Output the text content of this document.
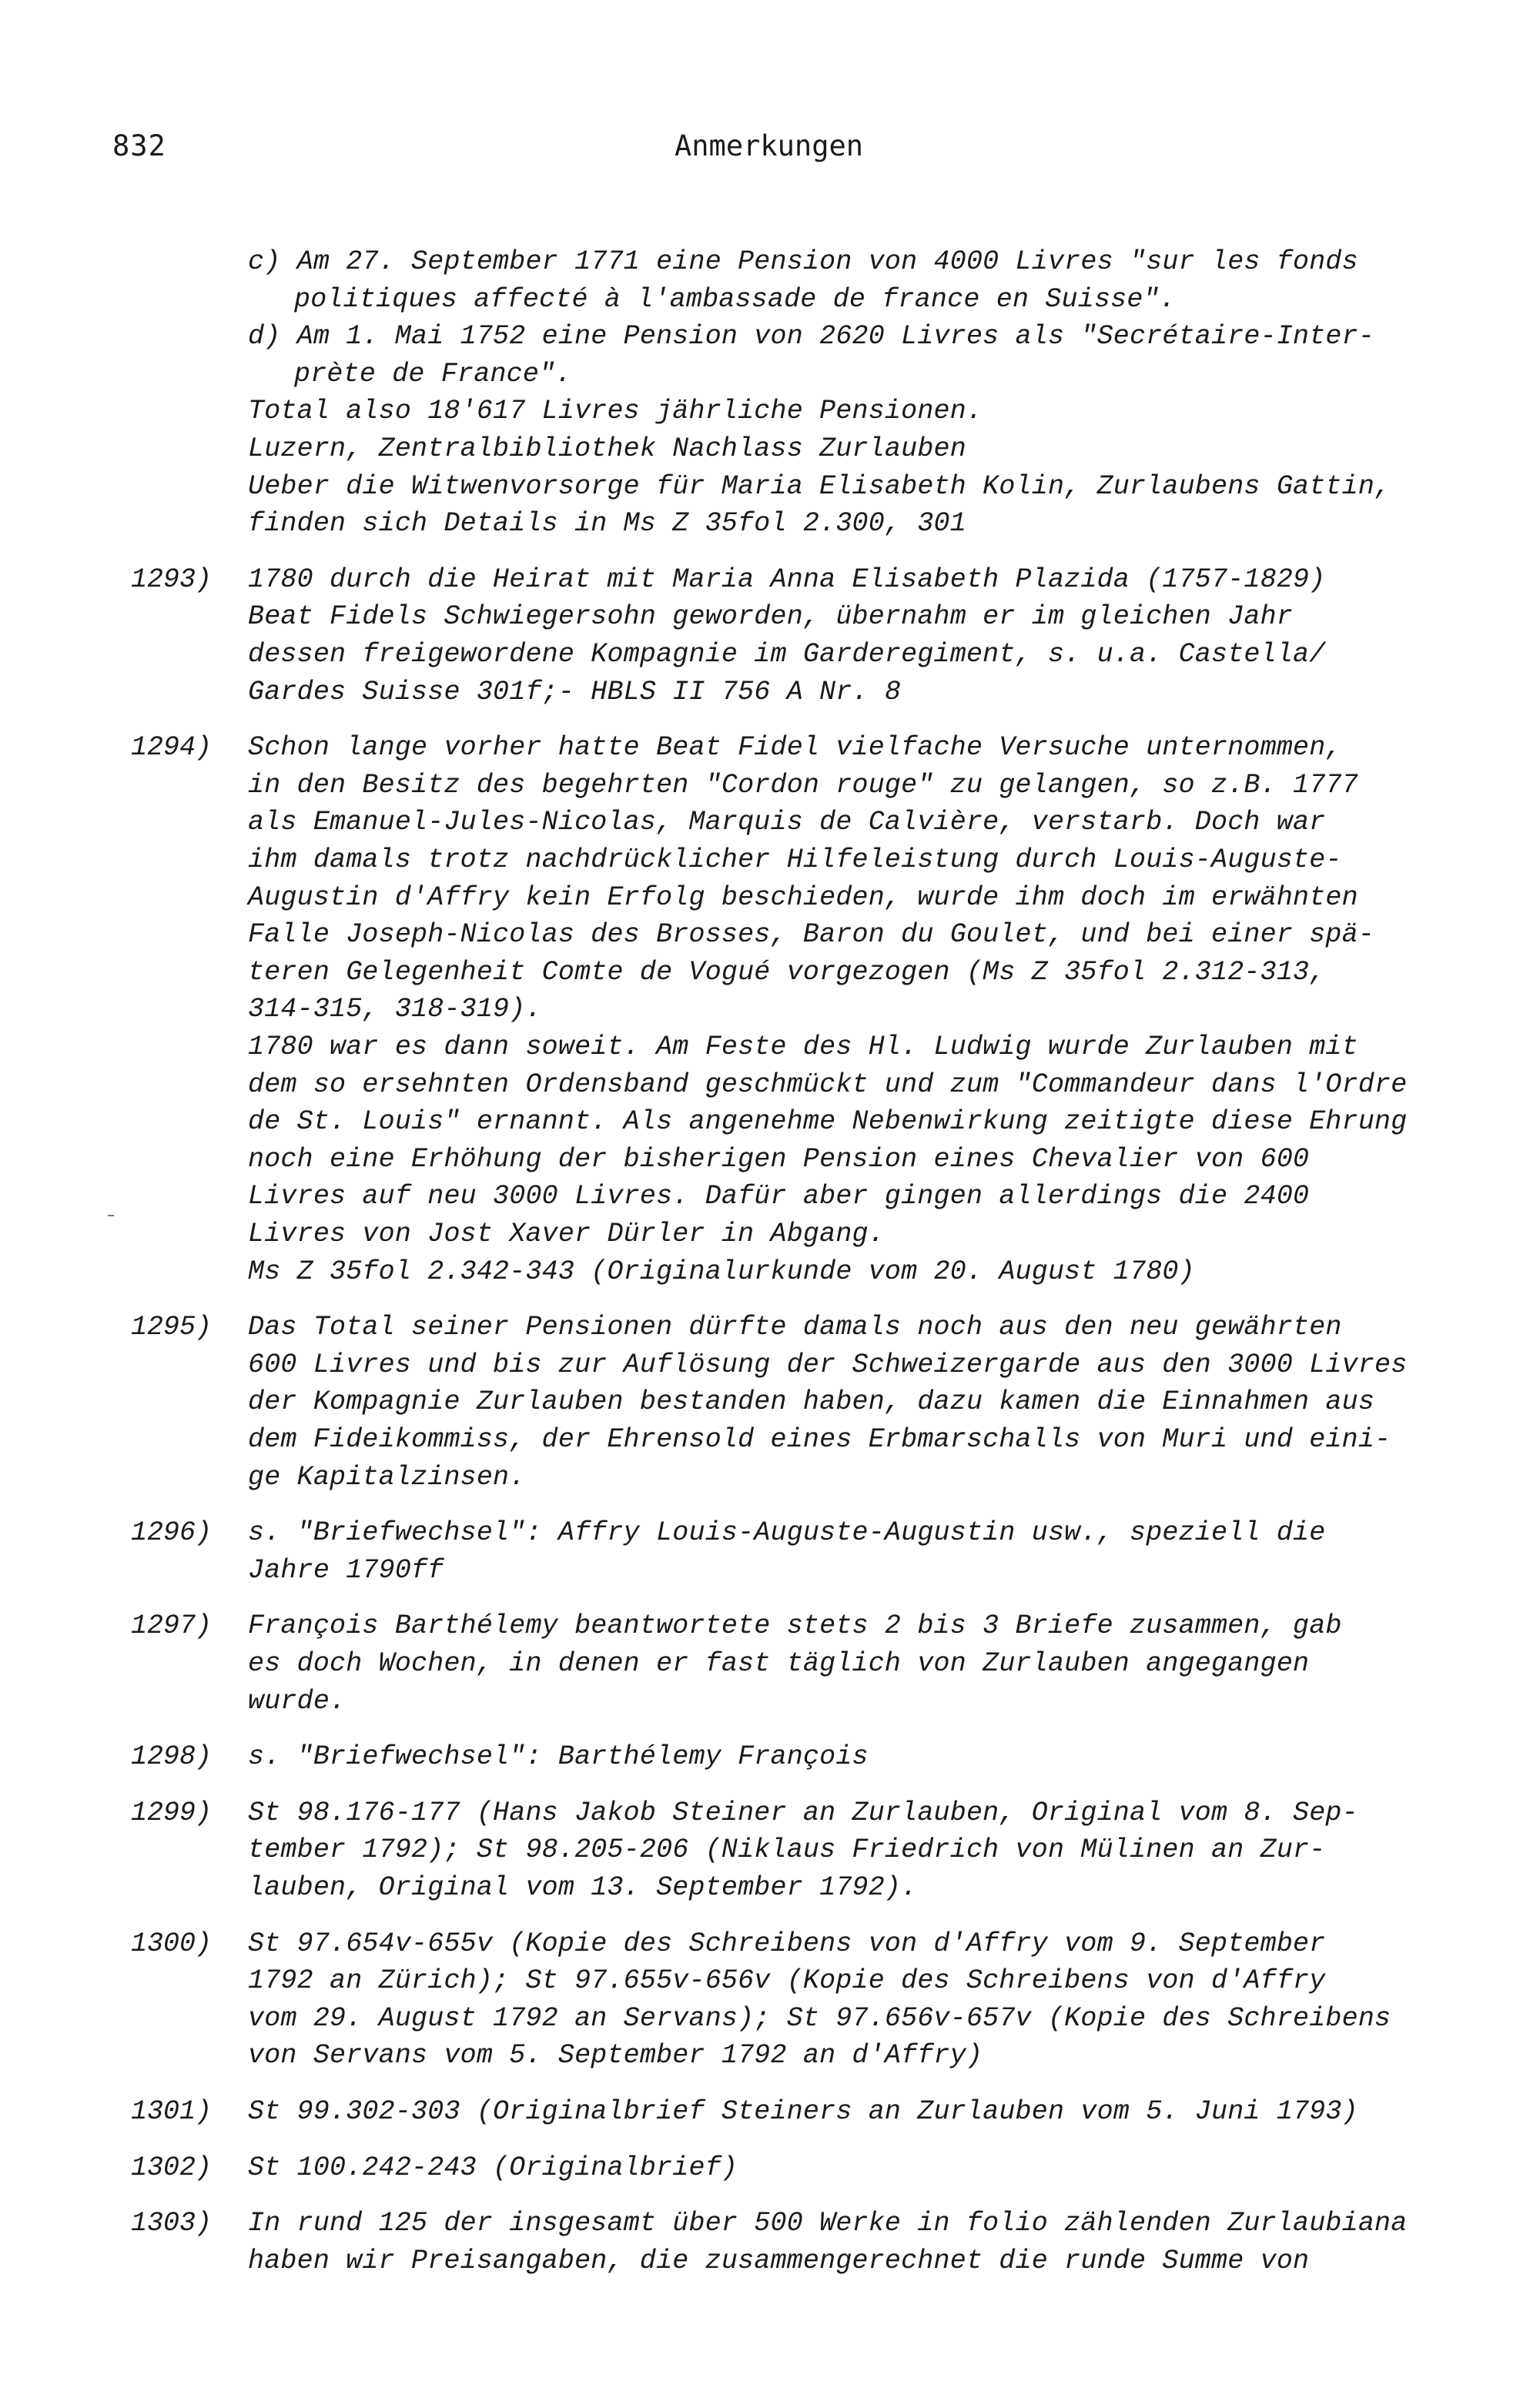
832	Anmerkungen
c) Am 27. September 1771 eine Pension von 4000 Livres "sur les fonds
politiques affecté à l'ambassade de france en Suisse".
d) Am 1. Mai 1752 eine Pension von 2620 Livres als "Secrétaire-Inter-
prète de France".
Total also 18'617 Livres jährliche Pensionen.
Luzern, Zentralbibliothek Nachlass Zurlauben
Ueber die Witwenvorsorge für Maria Elisabeth Kolin, Zurlaubens Gattin,
finden sich Details in Ms Z 35fol 2.300, 301
1293) 1780 durch die Heirat mit Maria Anna Elisabeth Plazida (1757-1829)
Beat Fidels Schwiegersohn geworden, übernahm er im gleichen Jahr
dessen freigewordene Kompagnie im Garderegiment, s. u.a. Castella/
Gardes Suisse 301f;- HBLS II 756 A Nr. 8
1294) Schon lange vorher hatte Beat Fidel vielfache Versuche unternommen,
in den Besitz des begehrten "Cordon rouge" zu gelangen, so z.B. 1777
als Emanuel-Jules-Nicolas, Marquis de Calvière, verstarb. Doch war
ihm damals trotz nachdrücklicher Hilfeleistung durch Louis-Auguste-
Augustin d'Affry kein Erfolg beschieden, wurde ihm doch im erwähnten
Falle Joseph-Nicolas des Brosses, Baron du Goulet, und bei einer spä-
teren Gelegenheit Comte de Vogué vorgezogen (Ms Z 35fol 2.312-313,
314-315, 318-319).
1780 war es dann soweit. Am Feste des Hl. Ludwig wurde Zurlauben mit
dem so ersehnten Ordensband geschmückt und zum "Commandeur dans l'Ordre
de St. Louis" ernannt. Als angenehme Nebenwirkung zeitigte diese Ehrung
noch eine Erhöhung der bisherigen Pension eines Chevalier von 600
Livres auf neu 3000 Livres. Dafür aber gingen allerdings die 2400
Livres von Jost Xaver Dürler in Abgang.
Ms Z 35fol 2.342-343 (Originalurkunde vom 20. August 1780)
1295) Das Total seiner Pensionen dürfte damals noch aus den neu gewährten
600 Livres und bis zur Auflösung der Schweizergarde aus den 3000 Livres
der Kompagnie Zurlauben bestanden haben, dazu kamen die Einnahmen aus
dem Fideikommiss, der Ehrensold eines Erbmarschalls von Muri und eini-
ge Kapitalzinsen.
1296) s. "Briefwechsel": Affry Louis-Auguste-Augustin usw., speziell die
Jahre 1790ff
1297) François Barthélemy beantwortete stets 2 bis 3 Briefe zusammen, gab
es doch Wochen, in denen er fast täglich von Zurlauben angegangen
wurde.
1298) s. "Briefwechsel": Barthélemy François
1299) St 98.176-177 (Hans Jakob Steiner an Zurlauben, Original vom 8. Sep-
tember 1792); St 98.205-206 (Niklaus Friedrich von Mülinen an Zur-
lauben, Original vom 13. September 1792).
1300) St 97.654v-655v (Kopie des Schreibens von d'Affry vom 9. September
1792 an Zürich); St 97.655v-656v (Kopie des Schreibens von d'Affry
vom 29. August 1792 an Servans); St 97.656v-657v (Kopie des Schreibens
von Servans vom 5. September 1792 an d'Affry)
1301) St 99.302-303 (Originalbrief Steiners an Zurlauben vom 5. Juni 1793)
1302) St 100.242-243 (Originalbrief)
1303) In rund 125 der insgesamt über 500 Werke in folio zählenden Zurlaubiana
haben wir Preisangaben, die zusammengerechnet die runde Summe von
